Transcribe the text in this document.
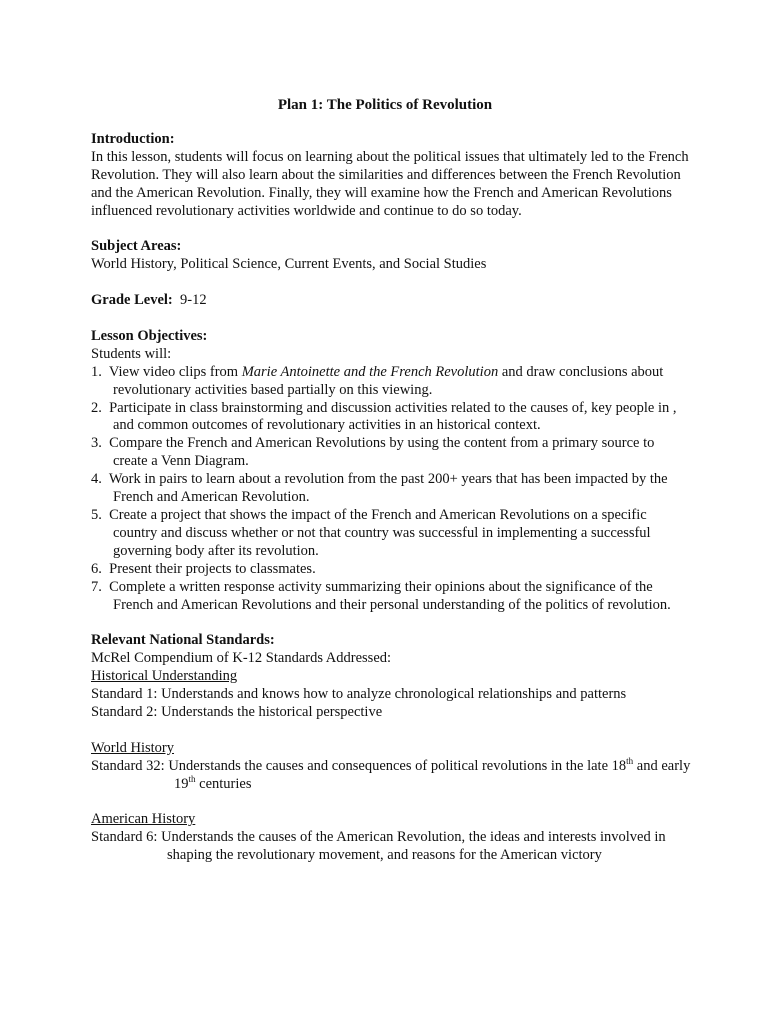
Plan 1: The Politics of Revolution

Introduction:

In this lesson, students will focus on learning about the political issues that ultimately led to the French Revolution. They will also learn about the similarities and differences between the French Revolution and the American Revolution. Finally, they will examine how the French and American Revolutions influenced revolutionary activities worldwide and continue to do so today.

Subject Areas:

World History, Political Science, Current Events, and Social Studies

Grade Level: 9-12

Lesson Objectives:

Students will:

1. View video clips from Marie Antoinette and the French Revolution and draw conclusions about revolutionary activities based partially on this viewing.

2. Participate in class brainstorming and discussion activities related to the causes of, key people in , and common outcomes of revolutionary activities in an historical context.

3. Compare the French and American Revolutions by using the content from a primary source to create a Venn Diagram.

4. Work in pairs to learn about a revolution from the past 200+ years that has been impacted by the French and American Revolution.

5. Create a project that shows the impact of the French and American Revolutions on a specific country and discuss whether or not that country was successful in implementing a successful governing body after its revolution.

6. Present their projects to classmates.

7. Complete a written response activity summarizing their opinions about the significance of the French and American Revolutions and their personal understanding of the politics of revolution.

Relevant National Standards:

McRel Compendium of K-12 Standards Addressed:

Historical Understanding

Standard 1: Understands and knows how to analyze chronological relationships and patterns

Standard 2: Understands the historical perspective

World History

Standard 32: Understands the causes and consequences of political revolutions in the late 18th and early 19th centuries

American History

Standard 6: Understands the causes of the American Revolution, the ideas and interests involved in shaping the revolutionary movement, and reasons for the American victory
